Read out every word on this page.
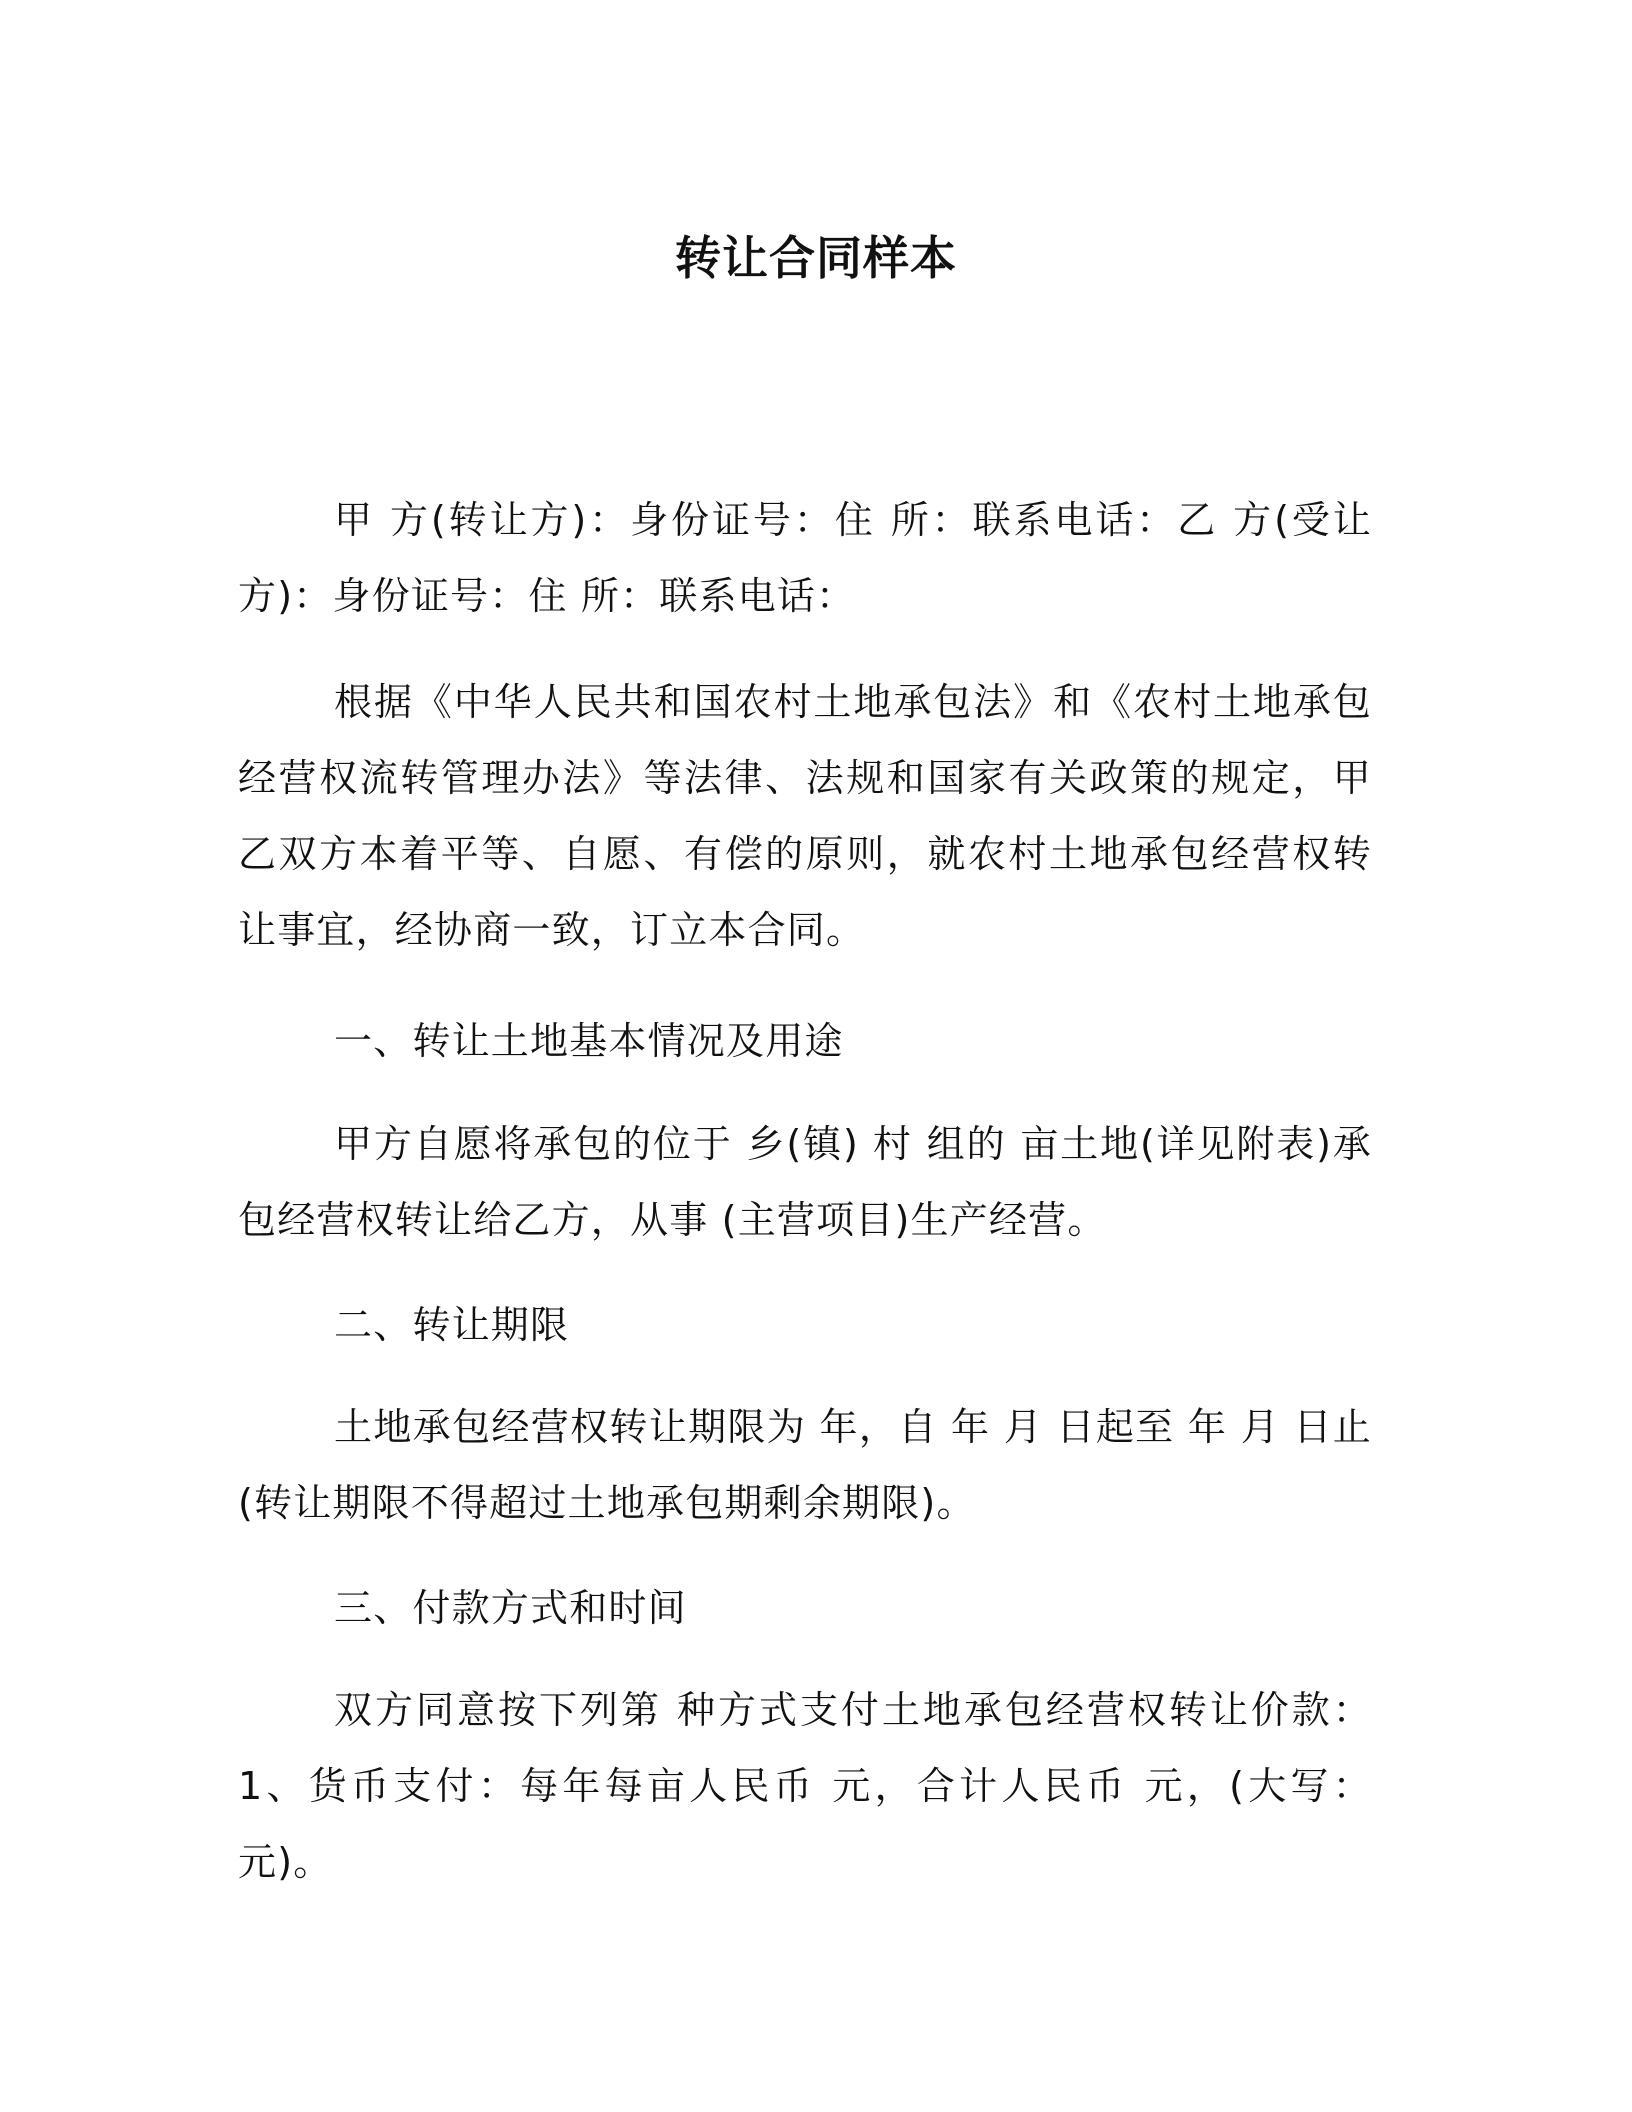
转让合同样本

甲 方(转让方)：身份证号：住 所：联系电话：乙 方(受让方)：身份证号：住 所：联系电话：

根据《中华人民共和国农村土地承包法》和《农村土地承包经营权流转管理办法》等法律、法规和国家有关政策的规定，甲乙双方本着平等、自愿、有偿的原则，就农村土地承包经营权转让事宜，经协商一致，订立本合同。

一、转让土地基本情况及用途

甲方自愿将承包的位于 乡(镇) 村 组的 亩土地(详见附表)承包经营权转让给乙方，从事 (主营项目)生产经营。

二、转让期限

土地承包经营权转让期限为 年，自 年 月 日起至 年 月 日止(转让期限不得超过土地承包期剩余期限)。

三、付款方式和时间

双方同意按下列第 种方式支付土地承包经营权转让价款：1、货币支付：每年每亩人民币 元，合计人民币 元，(大写：元)。
